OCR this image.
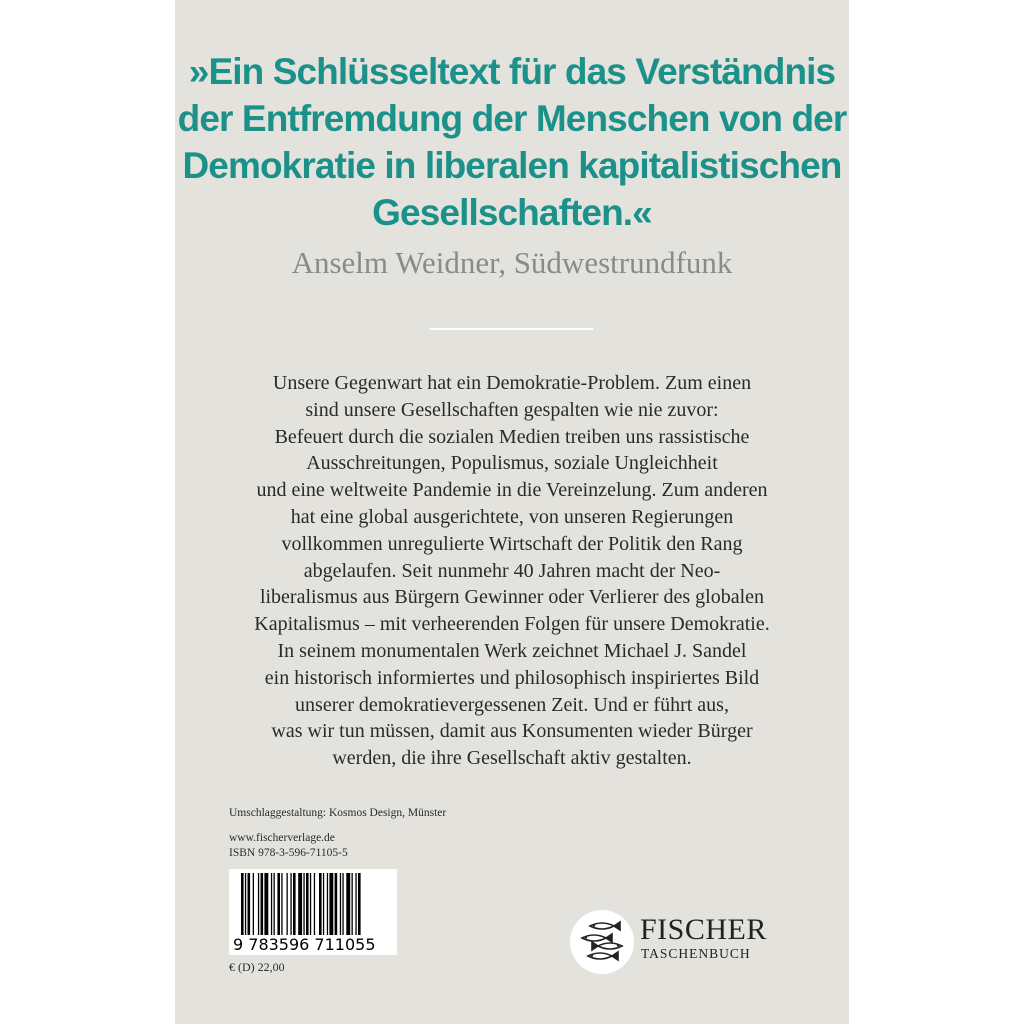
»Ein Schlüsseltext für das Verständnis
der Entfremdung der Menschen von der
Demokratie in liberalen kapitalistischen
Gesellschaften.«
Anselm Weidner, Südwestrundfunk
Unsere Gegenwart hat ein Demokratie-Problem. Zum einen
sind unsere Gesellschaften gespalten wie nie zuvor:
Befeuert durch die sozialen Medien treiben uns rassistische
Ausschreitungen, Populismus, soziale Ungleichheit
und eine weltweite Pandemie in die Vereinzelung. Zum anderen
hat eine global ausgerichtete, von unseren Regierungen
vollkommen unregulierte Wirtschaft der Politik den Rang
abgelaufen. Seit nunmehr 40 Jahren macht der Neo-
liberalismus aus Bürgern Gewinner oder Verlierer des globalen
Kapitalismus – mit verheerenden Folgen für unsere Demokratie.
In seinem monumentalen Werk zeichnet Michael J. Sandel
ein historisch informiertes und philosophisch inspiriertes Bild
unserer demokratievergessenen Zeit. Und er führt aus,
was wir tun müssen, damit aus Konsumenten wieder Bürger
werden, die ihre Gesellschaft aktiv gestalten.
Umschlaggestaltung: Kosmos Design, Münster
www.fischerverlage.de
ISBN 978-3-596-71105-5
9 783596 711055
€ (D) 22,00
FISCHER
TASCHENBUCH
